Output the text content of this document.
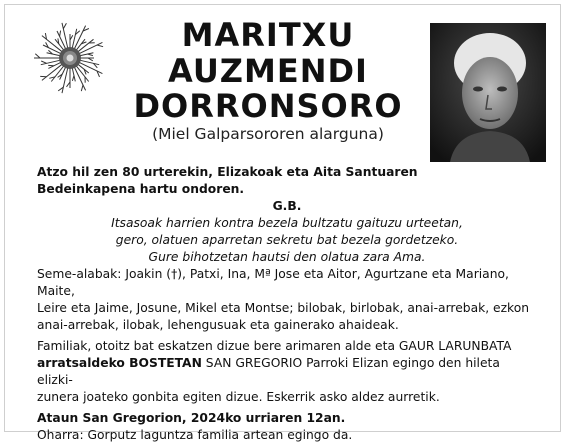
MARITXU
AUZMENDI
DORRONSORO
(Miel Galparsororen alarguna)

Atzo hil zen 80 urterekin, Elizakoak eta Aita Santuaren

Bedeinkapena hartu ondoren.

G.B.

Itsasoak harrien kontra bezela bultzatu gaituzu urteetan,

gero, olatuen aparretan sekretu bat bezela gordetzeko.

Gure bihotzetan hautsi den olatua zara Ama.

Seme-alabak: Joakin (†), Patxi, Ina, Mª Jose eta Aitor, Agurtzane eta Mariano, Maite,

Leire eta Jaime, Josune, Mikel eta Montse; bilobak, birlobak, anai-arrebak, ezkon

anai-arrebak, ilobak, lehengusuak eta gainerako ahaideak.

Familiak, otoitz bat eskatzen dizue bere arimaren alde eta GAUR LARUNBATA

arratsaldeko BOSTETAN SAN GREGORIO Parroki Elizan egingo den hileta elizki-

zunera joateko gonbita egiten dizue. Eskerrik asko aldez aurretik.

Ataun San Gregorion, 2024ko urriaren 12an.

Oharra: Gorputz laguntza familia artean egingo da.
